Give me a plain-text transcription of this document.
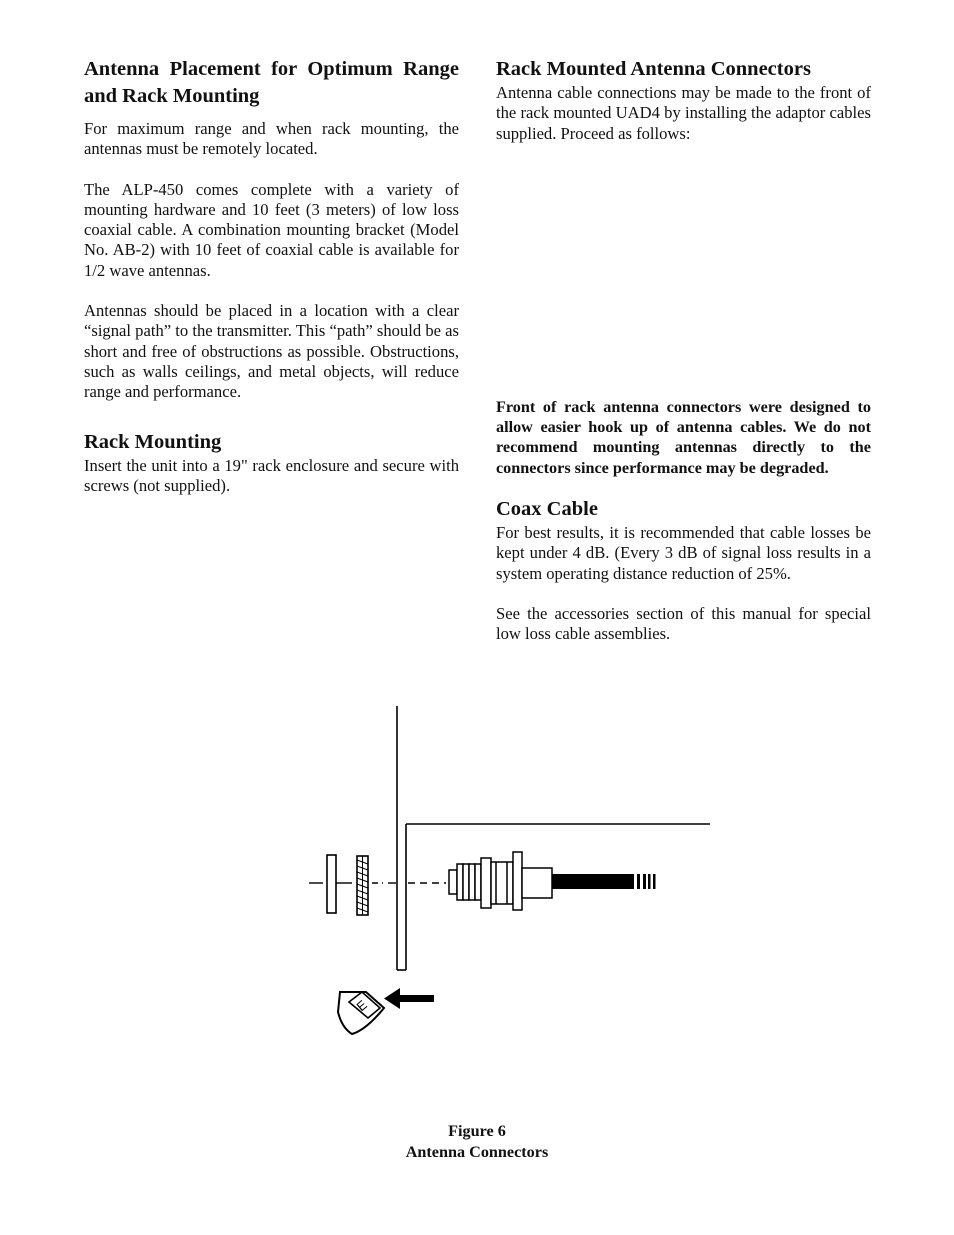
Antenna Placement for Optimum Range and Rack Mounting

For maximum range and when rack mounting, the antennas must be remotely located.

The ALP-450 comes complete with a variety of mounting hardware and 10 feet (3 meters) of low loss coaxial cable. A combination mounting bracket (Model No. AB-2) with 10 feet of coaxial cable is available for 1/2 wave antennas.

Antennas should be placed in a location with a clear “signal path” to the transmitter. This “path” should be as short and free of obstructions as possible. Obstructions, such as walls ceilings, and metal objects, will reduce range and performance.

Rack Mounting

Insert the unit into a 19" rack enclosure and secure with screws (not supplied).

Rack Mounted Antenna Connectors

Antenna cable connections may be made to the front of the rack mounted UAD4 by installing the adaptor cables supplied. Proceed as follows:

Front of rack antenna connectors were designed to allow easier hook up of antenna cables. We do not recommend mounting antennas directly to the connectors since performance may be degraded.

Coax Cable

For best results, it is recommended that cable losses be kept under 4 dB. (Every 3 dB of signal loss results in a system operating distance reduction of 25%.

See the accessories section of this manual for special low loss cable assemblies.

E
Figure 6
Antenna Connectors
